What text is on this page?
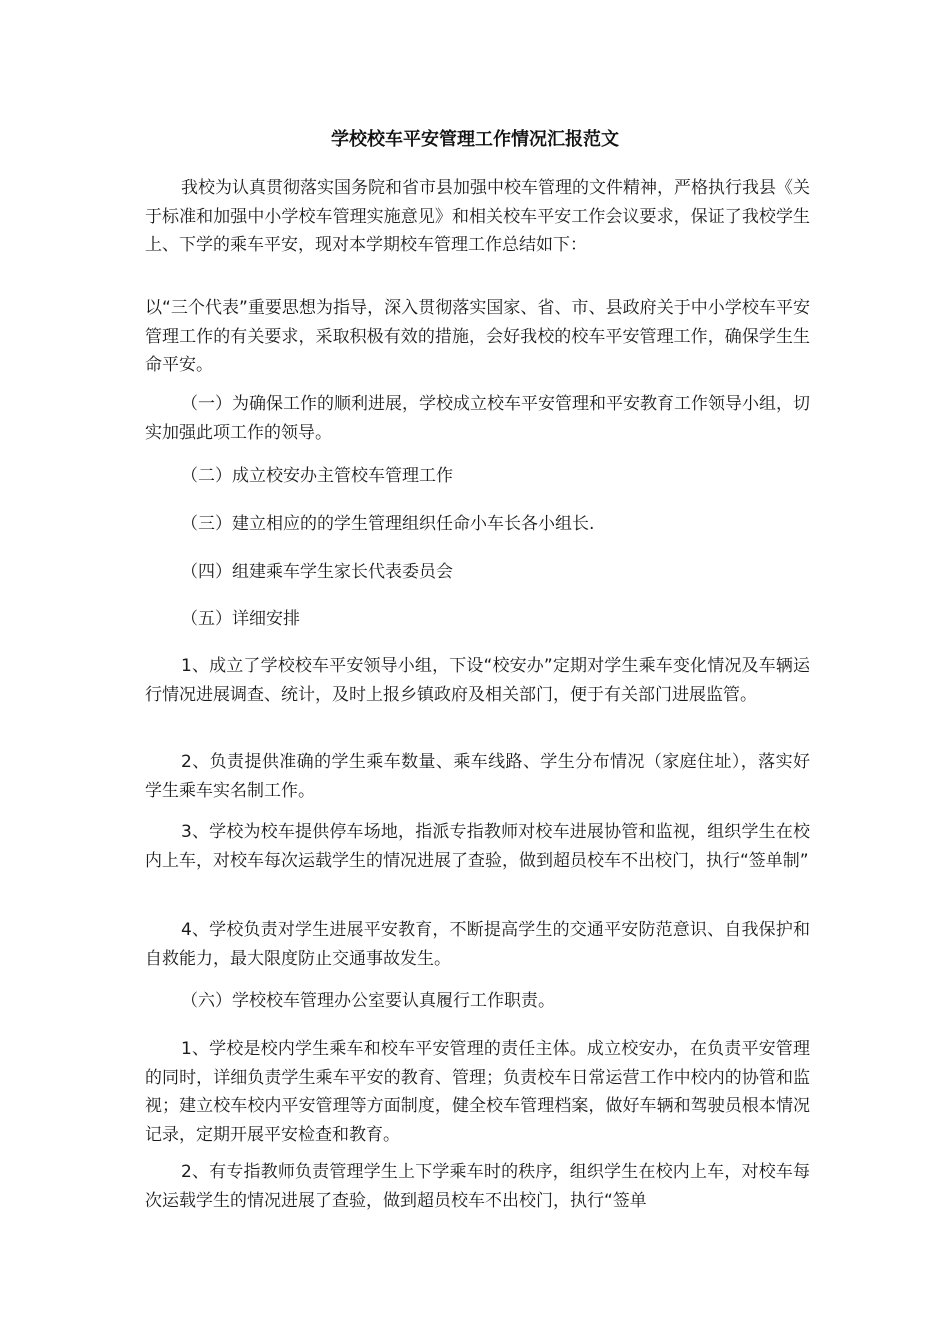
学校校车平安管理工作情况汇报范文

我校为认真贯彻落实国务院和省市县加强中校车管理的文件精神，严格执行我县《关于标准和加强中小学校车管理实施意见》和相关校车平安工作会议要求，保证了我校学生上、下学的乘车平安，现对本学期校车管理工作总结如下：

以“三个代表”重要思想为指导，深入贯彻落实国家、省、市、县政府关于中小学校车平安管理工作的有关要求，采取积极有效的措施，会好我校的校车平安管理工作，确保学生生命平安。

（一）为确保工作的顺利进展，学校成立校车平安管理和平安教育工作领导小组，切实加强此项工作的领导。

（二）成立校安办主管校车管理工作

（三）建立相应的的学生管理组织任命小车长各小组长.

（四）组建乘车学生家长代表委员会

（五）详细安排

1、成立了学校校车平安领导小组，下设“校安办”定期对学生乘车变化情况及车辆运行情况进展调查、统计，及时上报乡镇政府及相关部门，便于有关部门进展监管。

2、负责提供准确的学生乘车数量、乘车线路、学生分布情况（家庭住址），落实好学生乘车实名制工作。

3、学校为校车提供停车场地，指派专指教师对校车进展协管和监视，组织学生在校内上车，对校车每次运载学生的情况进展了查验，做到超员校车不出校门，执行“签单制”

4、学校负责对学生进展平安教育，不断提高学生的交通平安防范意识、自我保护和自救能力，最大限度防止交通事故发生。

（六）学校校车管理办公室要认真履行工作职责。

1、学校是校内学生乘车和校车平安管理的责任主体。成立校安办，在负责平安管理的同时，详细负责学生乘车平安的教育、管理；负责校车日常运营工作中校内的协管和监视；建立校车校内平安管理等方面制度，健全校车管理档案，做好车辆和驾驶员根本情况记录，定期开展平安检查和教育。

2、有专指教师负责管理学生上下学乘车时的秩序，组织学生在校内上车，对校车每次运载学生的情况进展了查验，做到超员校车不出校门，执行“签单
